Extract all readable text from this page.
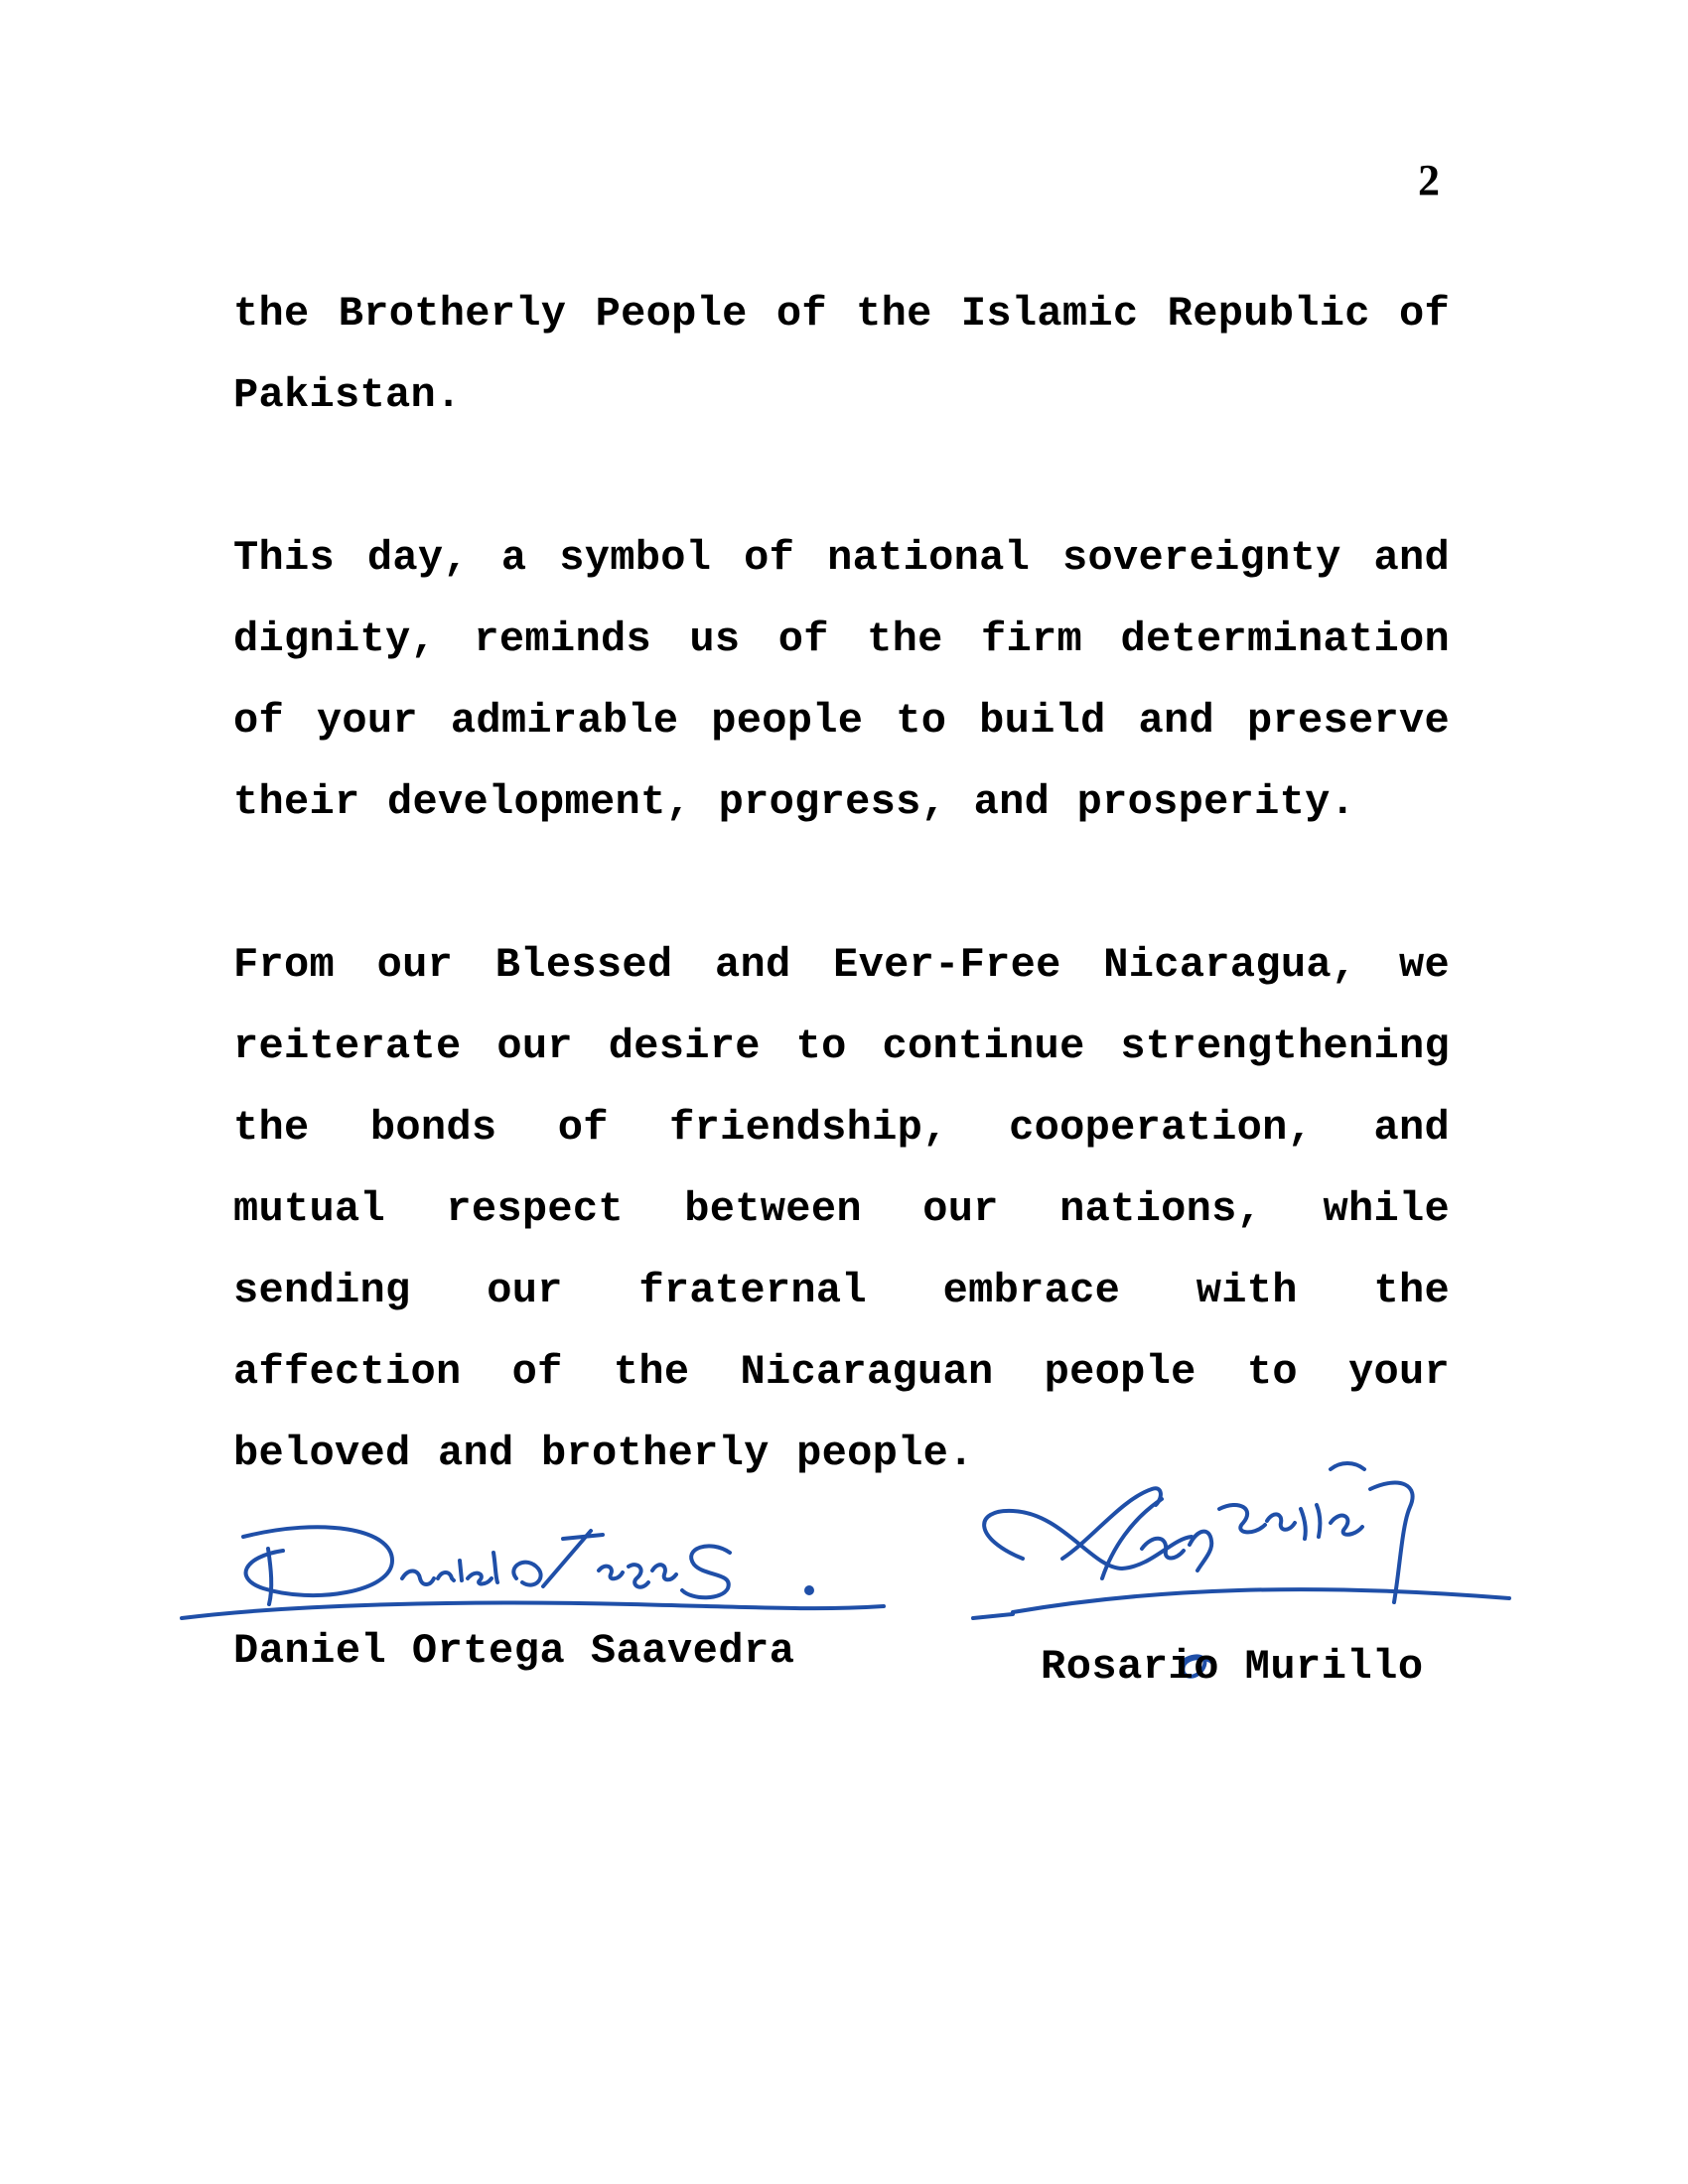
2

the Brotherly People of the Islamic Republic of Pakistan.

This day, a symbol of national sovereignty and dignity, reminds us of the firm determination of your admirable people to build and preserve their development, progress, and prosperity.

From our Blessed and Ever-Free Nicaragua, we reiterate our desire to continue strengthening the bonds of friendship, cooperation, and mutual respect between our nations, while sending our fraternal embrace with the affection of the Nicaraguan people to your beloved and brotherly people.

Daniel Ortega Saavedra	Rosario Murillo
